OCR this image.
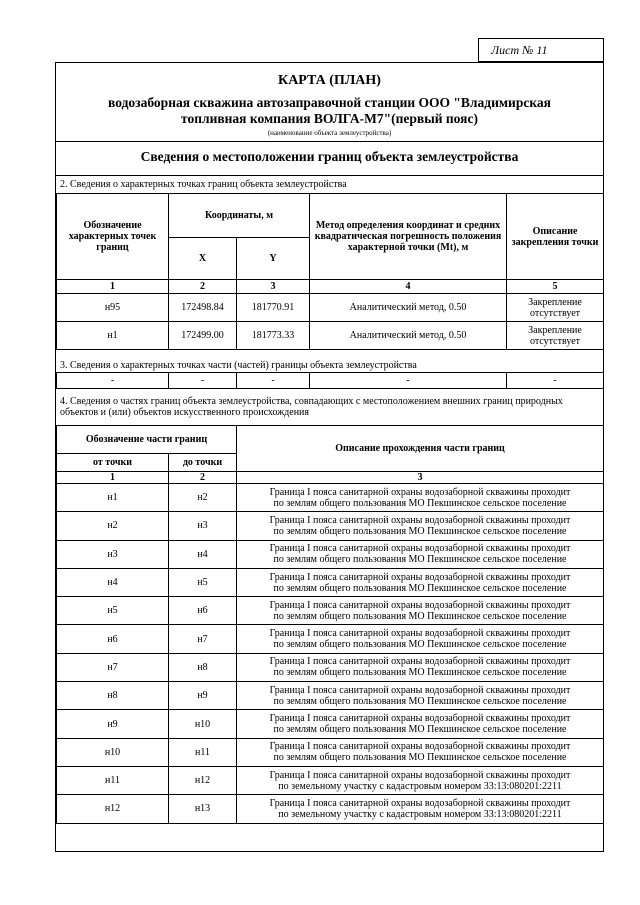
Лист № 11
КАРТА (ПЛАН)
водозаборная скважина автозаправочной станции ООО "Владимирская
топливная компания ВОЛГА-М7"(первый пояс)
(наименование объекта землеустройства)
Сведения о местоположении границ объекта землеустройства
2. Сведения о характерных точках границ объекта землеустройства
Обозначение характерных точек границ	Координаты, м		Метод определения координат и средних квадратическая погрешность положения характерной точки (Mt), м	Описание закрепления точки
	X	Y		
1	2	3	4	5
н95	172498.84	181770.91	Аналитический метод, 0.50	Закрепление отсутствует
н1	172499.00	181773.33	Аналитический метод, 0.50	Закрепление отсутствует
3. Сведения о характерных точках части (частей) границы объекта землеустройства
-	-	-	-	-
4. Сведения о частях границ объекта землеустройства, совпадающих с местоположением внешних границ природных объектов и (или) объектов искусственного происхождения
Обозначение части границ		Описание прохождения части границ
от точки	до точки	
1	2	3
н1	н2	Граница I пояса санитарной охраны водозаборной скважины проходит
по землям общего пользования МО Пекшинское сельское поселение

н2	н3	Граница I пояса санитарной охраны водозаборной скважины проходит
по землям общего пользования МО Пекшинское сельское поселение

н3	н4	Граница I пояса санитарной охраны водозаборной скважины проходит
по землям общего пользования МО Пекшинское сельское поселение

н4	н5	Граница I пояса санитарной охраны водозаборной скважины проходит
по землям общего пользования МО Пекшинское сельское поселение

н5	н6	Граница I пояса санитарной охраны водозаборной скважины проходит
по землям общего пользования МО Пекшинское сельское поселение

н6	н7	Граница I пояса санитарной охраны водозаборной скважины проходит
по землям общего пользования МО Пекшинское сельское поселение

н7	н8	Граница I пояса санитарной охраны водозаборной скважины проходит
по землям общего пользования МО Пекшинское сельское поселение

н8	н9	Граница I пояса санитарной охраны водозаборной скважины проходит
по землям общего пользования МО Пекшинское сельское поселение

н9	н10	Граница I пояса санитарной охраны водозаборной скважины проходит
по землям общего пользования МО Пекшинское сельское поселение

н10	н11	Граница I пояса санитарной охраны водозаборной скважины проходит
по землям общего пользования МО Пекшинское сельское поселение

н11	н12	Граница I пояса санитарной охраны водозаборной скважины проходит
по земельному участку с кадастровым номером 33:13:080201:2211

н12	н13	Граница I пояса санитарной охраны водозаборной скважины проходит
по земельному участку с кадастровым номером 33:13:080201:2211
